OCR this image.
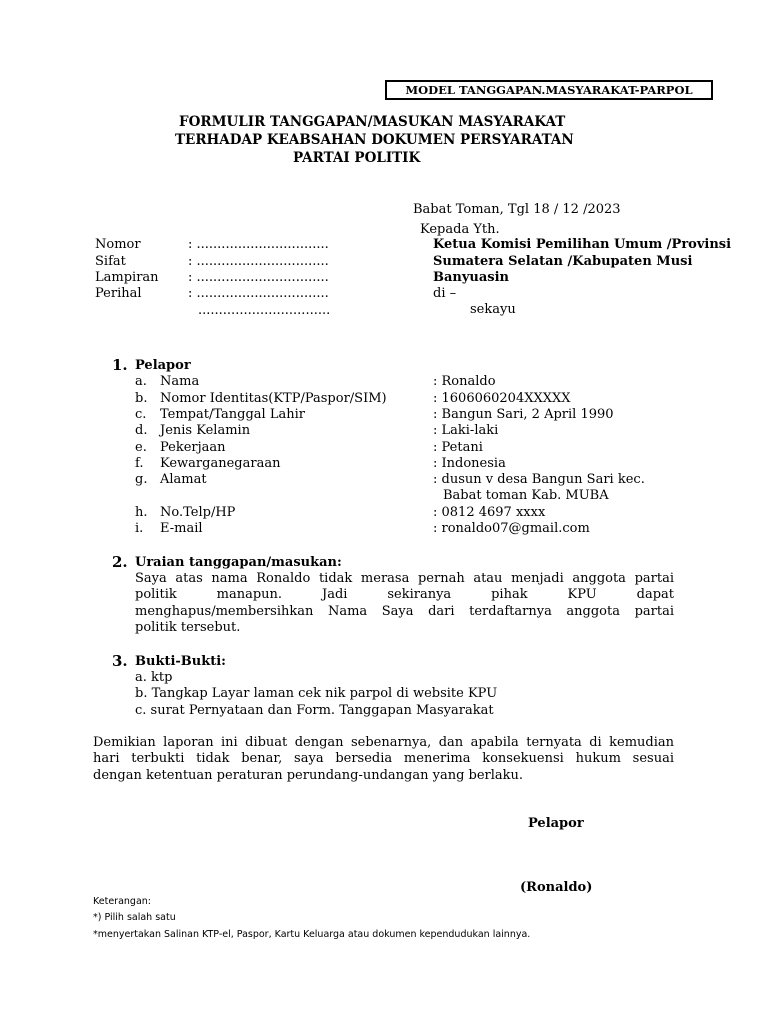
MODEL TANGGAPAN.MASYARAKAT-PARPOL
FORMULIR TANGGAPAN/MASUKAN MASYARAKAT
TERHADAP KEABSAHAN DOKUMEN PERSYARATAN
PARTAI POLITIK
Babat Toman, Tgl 18 / 12 /2023
Kepada Yth.
Ketua Komisi Pemilihan Umum /Provinsi
Sumatera Selatan /Kabupaten Musi
Banyuasin
di –
sekayu
Nomor	: ................................
Sifat	: ................................
Lampiran : ................................
Perihal	: ................................
................................
1. Pelapor
a. Nama	: Ronaldo
b. Nomor Identitas(KTP/Paspor/SIM)	: 1606060204XXXXX
c. Tempat/Tanggal Lahir	: Bangun Sari, 2 April 1990
d. Jenis Kelamin	: Laki-laki
e. Pekerjaan	: Petani
f. Kewarganegaraan	: Indonesia
g. Alamat	: dusun v desa Bangun Sari kec.
Babat toman Kab. MUBA
h. No.Telp/HP	: 0812 4697 xxxx
i. E-mail	: ronaldo07@gmail.com
2. Uraian tanggapan/masukan:
Saya atas nama Ronaldo tidak merasa pernah atau menjadi anggota partai
politik manapun. Jadi sekiranya pihak KPU dapat
menghapus/membersihkan Nama Saya dari terdaftarnya anggota partai
politik tersebut.
3. Bukti-Bukti:
a. ktp
b. Tangkap Layar laman cek nik parpol di website KPU
c. surat Pernyataan dan Form. Tanggapan Masyarakat
Demikian laporan ini dibuat dengan sebenarnya, dan apabila ternyata di kemudian
hari terbukti tidak benar, saya bersedia menerima konsekuensi hukum sesuai
dengan ketentuan peraturan perundang-undangan yang berlaku.
Pelapor
(Ronaldo)
Keterangan:
*) Pilih salah satu
*menyertakan Salinan KTP-el, Paspor, Kartu Keluarga atau dokumen kependudukan lainnya.
